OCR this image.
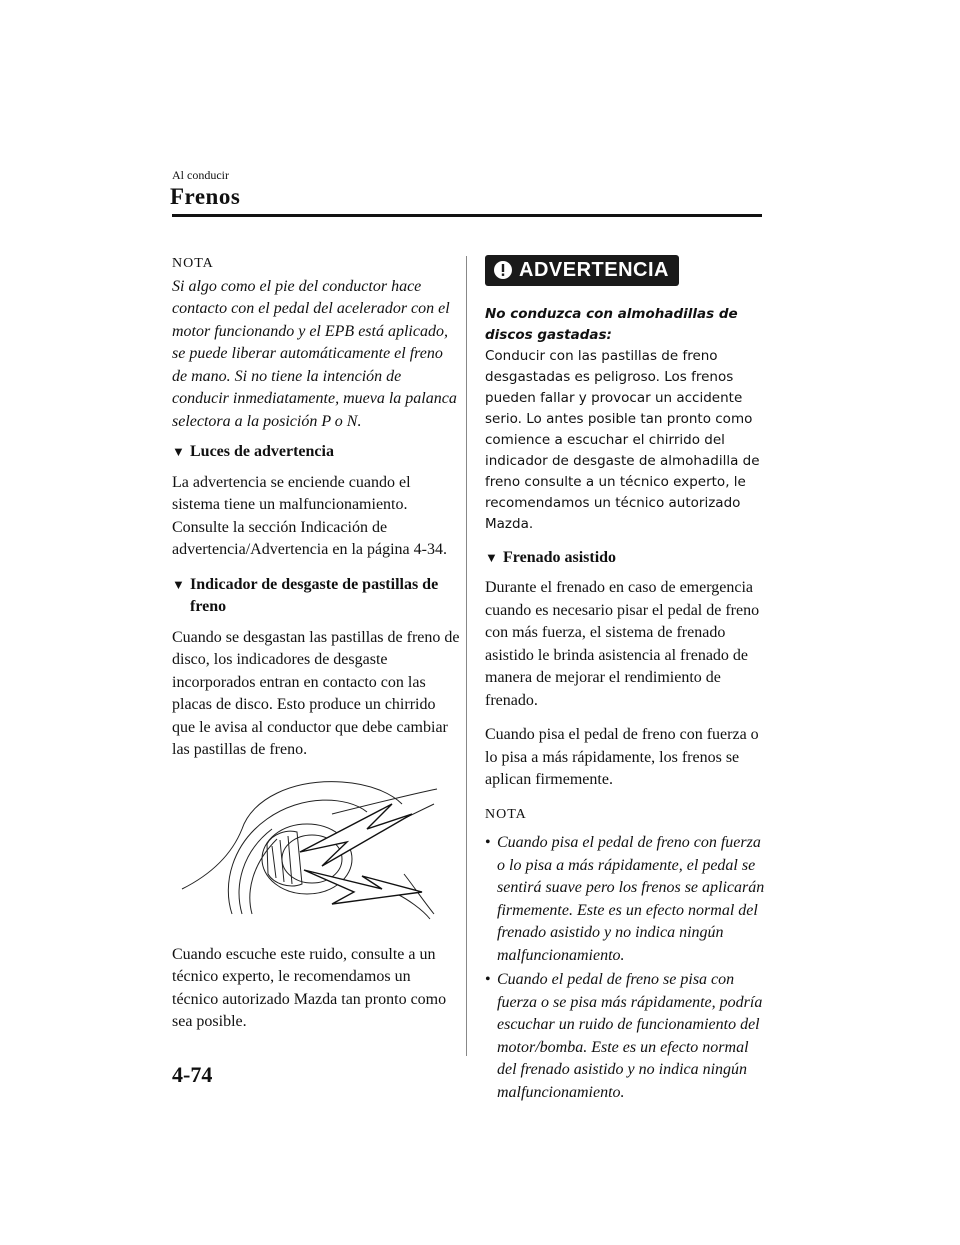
Al conducir
Frenos
NOTA
Si algo como el pie del conductor hace contacto con el pedal del acelerador con el motor funcionando y el EPB está aplicado, se puede liberar automáticamente el freno de mano. Si no tiene la intención de conducir inmediatamente, mueva la palanca selectora a la posición P o N.
▼ Luces de advertencia

La advertencia se enciende cuando el sistema tiene un malfuncionamiento. Consulte la sección Indicación de advertencia/Advertencia en la página 4-34.

▼ Indicador de desgaste de pastillas de freno

Cuando se desgastan las pastillas de freno de disco, los indicadores de desgaste incorporados entran en contacto con las placas de disco. Esto produce un chirrido que le avisa al conductor que debe cambiar las pastillas de freno.

Cuando escuche este ruido, consulte a un técnico experto, le recomendamos un técnico autorizado Mazda tan pronto como sea posible.

ADVERTENCIA
No conduzca con almohadillas de discos gastadas:
Conducir con las pastillas de freno desgastadas es peligroso. Los frenos pueden fallar y provocar un accidente serio. Lo antes posible tan pronto como comience a escuchar el chirrido del indicador de desgaste de almohadilla de freno consulte a un técnico experto, le recomendamos un técnico autorizado Mazda.
▼ Frenado asistido

Durante el frenado en caso de emergencia cuando es necesario pisar el pedal de freno con más fuerza, el sistema de frenado asistido le brinda asistencia al frenado de manera de mejorar el rendimiento de frenado.

Cuando pisa el pedal de freno con fuerza o lo pisa a más rápidamente, los frenos se aplican firmemente.

NOTA
• Cuando pisa el pedal de freno con fuerza o lo pisa a más rápidamente, el pedal se sentirá suave pero los frenos se aplicarán firmemente. Este es un efecto normal del frenado asistido y no indica ningún malfuncionamiento.
• Cuando el pedal de freno se pisa con fuerza o se pisa más rápidamente, podría escuchar un ruido de funcionamiento del motor/bomba. Este es un efecto normal del frenado asistido y no indica ningún malfuncionamiento.
4-74
